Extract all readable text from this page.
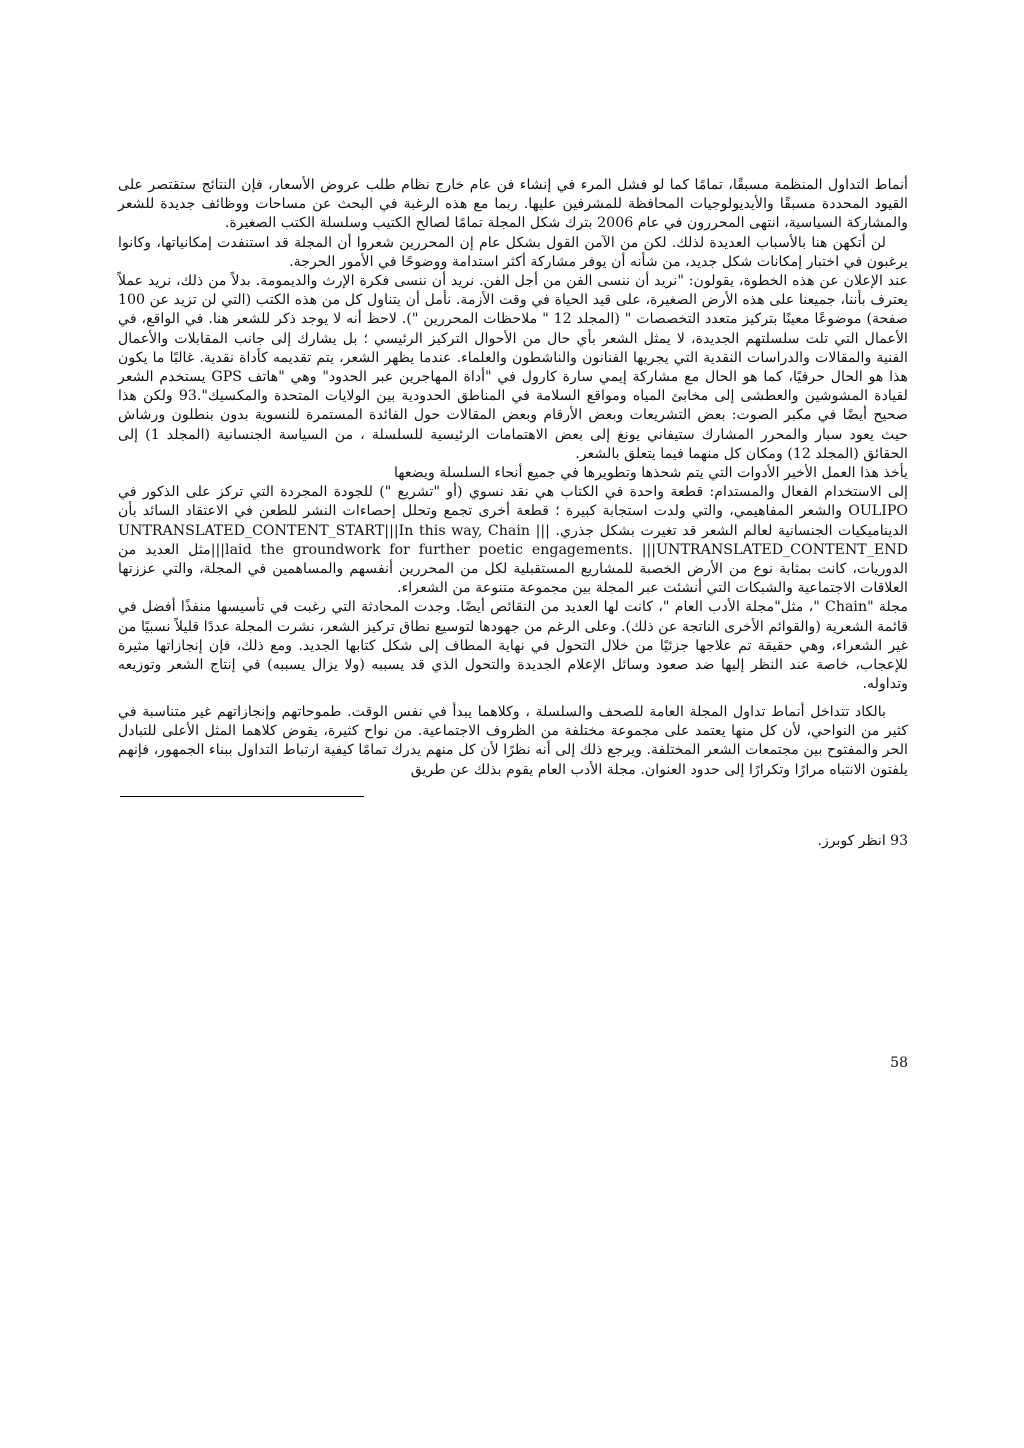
أنماط التداول المنظمة مسبقًا، تمامًا كما لو فشل المرء في إنشاء فن عام خارج نظام طلب عروض الأسعار، فإن النتائج ستقتصر على القيود المحددة مسبقًا والأيديولوجيات المحافظة للمشرفين عليها. ربما مع هذه الرغبة في البحث عن مساحات ووظائف جديدة للشعر والمشاركة السياسية، انتهى المحررون في عام 2006 بترك شكل المجلة تمامًا لصالح الكتيب وسلسلة الكتب الصغيرة.

لن أتكهن هنا بالأسباب العديدة لذلك. لكن من الآمن القول بشكل عام إن المحررين شعروا أن المجلة قد استنفدت إمكانياتها، وكانوا يرغبون في اختبار إمكانات شكل جديد، من شأنه أن يوفر مشاركة أكثر استدامة ووضوحًا في الأمور الحرجة.

عند الإعلان عن هذه الخطوة، يقولون: "نريد أن ننسى الفن من أجل الفن. نريد أن ننسى فكرة الإرث والديمومة. بدلاً من ذلك، نريد عملاً يعترف بأننا، جميعنا على هذه الأرض الصغيرة، على قيد الحياة في وقت الأزمة. نأمل أن يتناول كل من هذه الكتب (التي لن تزيد عن 100 صفحة) موضوعًا معينًا بتركيز متعدد التخصصات " (المجلد 12 " ملاحظات المحررين "). لاحظ أنه لا يوجد ذكر للشعر هنا. في الواقع، في الأعمال التي تلت سلسلتهم الجديدة، لا يمثل الشعر بأي حال من الأحوال التركيز الرئيسي ؛ بل يشارك إلى جانب المقابلات والأعمال الفنية والمقالات والدراسات النقدية التي يجريها الفنانون والناشطون والعلماء. عندما يظهر الشعر، يتم تقديمه كأداة نقدية. غالبًا ما يكون هذا هو الحال حرفيًا، كما هو الحال مع مشاركة إيمي سارة كارول في "أداة المهاجرين عبر الحدود" وهي "هاتف GPS يستخدم الشعر لقيادة المشوشين والعطشى إلى مخابئ المياه ومواقع السلامة في المناطق الحدودية بين الولايات المتحدة والمكسيك".93 ولكن هذا صحيح أيضًا في مكبر الصوت: بعض التشريعات وبعض الأرقام وبعض المقالات حول الفائدة المستمرة للنسوية بدون بنطلون ورشاش حيث يعود سبار والمحرر المشارك ستيفاني يونغ إلى بعض الاهتمامات الرئيسية للسلسلة ، من السياسة الجنسانية (المجلد 1) إلى الحقائق (المجلد 12) ومكان كل منهما فيما يتعلق بالشعر.

يأخذ هذا العمل الأخير الأدوات التي يتم شحذها وتطويرها في جميع أنحاء السلسلة ويضعها

إلى الاستخدام الفعال والمستدام: قطعة واحدة في الكتاب هي نقد نسوي (أو "تشريع ") للجودة المجردة التي تركز على الذكور في OULIPO والشعر المفاهيمي، والتي ولدت استجابة كبيرة ؛ قطعة أخرى تجمع وتحلل إحصاءات النشر للطعن في الاعتقاد السائد بأن الديناميكيات الجنسانية لعالم الشعر قد تغيرت بشكل جذري. ||| UNTRANSLATED_CONTENT_START|||In this way, Chain laid the groundwork for further poetic engagements. |||UNTRANSLATED_CONTENT_END|||مثل العديد من الدوريات، كانت بمثابة نوع من الأرض الخصبة للمشاريع المستقبلية لكل من المحررين أنفسهم والمساهمين في المجلة، والتي عززتها العلاقات الاجتماعية والشبكات التي أنشئت عبر المجلة بين مجموعة متنوعة من الشعراء.

مجلة "Chain "، مثل"مجلة الأدب العام "، كانت لها العديد من النقائص أيضًا. وجدت المحادثة التي رغبت في تأسيسها منفذًا أفضل في قائمة الشعرية (والقوائم الأخرى الناتجة عن ذلك). وعلى الرغم من جهودها لتوسيع نطاق تركيز الشعر، نشرت المجلة عددًا قليلاً نسبيًا من غير الشعراء، وهي حقيقة تم علاجها جزئيًا من خلال التحول في نهاية المطاف إلى شكل كتابها الجديد. ومع ذلك، فإن إنجازاتها مثيرة للإعجاب، خاصة عند النظر إليها ضد صعود وسائل الإعلام الجديدة والتحول الذي قد يسببه (ولا يزال يسببه) في إنتاج الشعر وتوزيعه وتداوله.

بالكاد تتداخل أنماط تداول المجلة العامة للصحف والسلسلة ، وكلاهما يبدأ في نفس الوقت. طموحاتهم وإنجازاتهم غير متناسبة في كثير من النواحي، لأن كل منها يعتمد على مجموعة مختلفة من الظروف الاجتماعية. من نواح كثيرة، يقوض كلاهما المثل الأعلى للتبادل الحر والمفتوح بين مجتمعات الشعر المختلفة. ويرجع ذلك إلى أنه نظرًا لأن كل منهم يدرك تمامًا كيفية ارتباط التداول ببناء الجمهور، فإنهم يلفتون الانتباه مرارًا وتكرارًا إلى حدود العنوان. مجلة الأدب العام يقوم بذلك عن طريق

93 انظر كوبرز.
58
